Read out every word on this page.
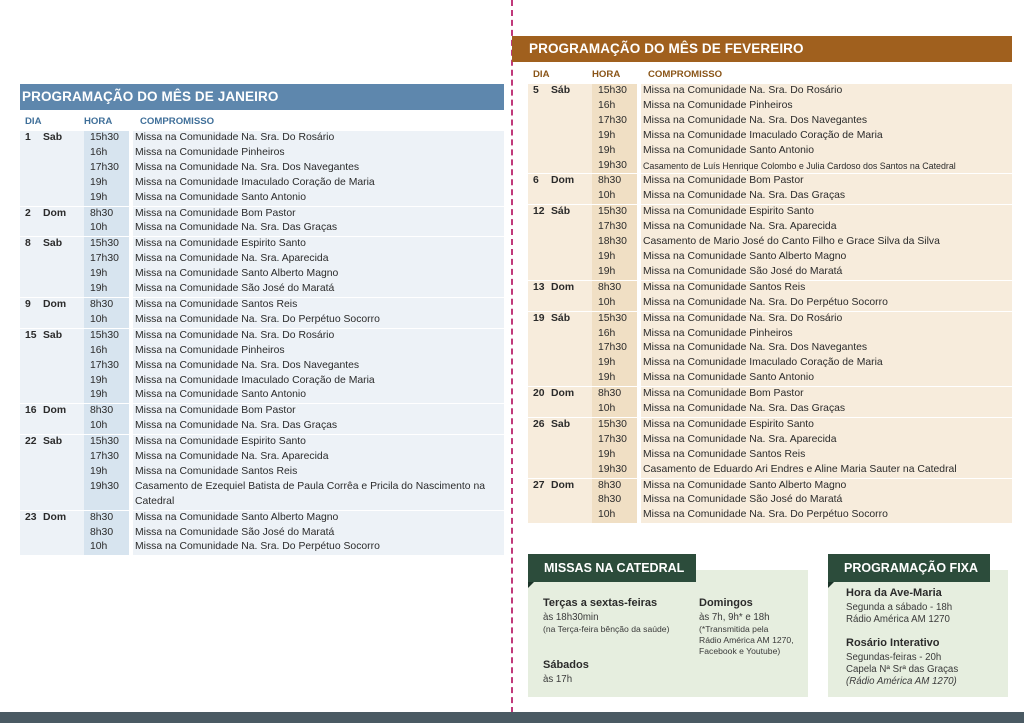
PROGRAMAÇÃO DO MÊS DE JANEIRO
DIA	HORA	COMPROMISSO
1	Sab	15h30	Missa na Comunidade Na. Sra. Do Rosário
16h	Missa na Comunidade Pinheiros
17h30	Missa na Comunidade Na. Sra. Dos Navegantes
19h	Missa na Comunidade Imaculado Coração de Maria
19h	Missa na Comunidade Santo Antonio
2	Dom	8h30	Missa na Comunidade Bom Pastor
10h	Missa na Comunidade Na. Sra. Das Graças
8	Sab	15h30	Missa na Comunidade Espirito Santo
17h30	Missa na Comunidade Na. Sra. Aparecida
19h	Missa na Comunidade Santo Alberto Magno
19h	Missa na Comunidade São José do Maratá
9	Dom	8h30	Missa na Comunidade Santos Reis
10h	Missa na Comunidade Na. Sra. Do Perpétuo Socorro
15 Sab	15h30	Missa na Comunidade Na. Sra. Do Rosário
16h	Missa na Comunidade Pinheiros
17h30	Missa na Comunidade Na. Sra. Dos Navegantes
19h	Missa na Comunidade Imaculado Coração de Maria
19h	Missa na Comunidade Santo Antonio
16 Dom	8h30	Missa na Comunidade Bom Pastor
10h	Missa na Comunidade Na. Sra. Das Graças
22 Sab	15h30	Missa na Comunidade Espirito Santo
17h30	Missa na Comunidade Na. Sra. Aparecida
19h	Missa na Comunidade Santos Reis
19h30	Casamento de Ezequiel Batista de Paula Corrêa e Pricila do Nascimento na Catedral
23 Dom	8h30	Missa na Comunidade Santo Alberto Magno
8h30	Missa na Comunidade São José do Maratá
10h	Missa na Comunidade Na. Sra. Do Perpétuo Socorro
PROGRAMAÇÃO DO MÊS DE FEVEREIRO
DIA	HORA	COMPROMISSO
5	Sáb	15h30	Missa na Comunidade Na. Sra. Do Rosário
16h	Missa na Comunidade Pinheiros
17h30	Missa na Comunidade Na. Sra. Dos Navegantes
19h	Missa na Comunidade Imaculado Coração de Maria
19h	Missa na Comunidade Santo Antonio
19h30	Casamento de Luís Henrique Colombo e Julia Cardoso dos Santos na Catedral
6	Dom	8h30	Missa na Comunidade Bom Pastor
10h	Missa na Comunidade Na. Sra. Das Graças
12 Sáb	15h30	Missa na Comunidade Espirito Santo
17h30	Missa na Comunidade Na. Sra. Aparecida
18h30	Casamento de Mario José do Canto Filho e Grace Silva da Silva
19h	Missa na Comunidade Santo Alberto Magno
19h	Missa na Comunidade São José do Maratá
13 Dom	8h30	Missa na Comunidade Santos Reis
10h	Missa na Comunidade Na. Sra. Do Perpétuo Socorro
19 Sáb	15h30	Missa na Comunidade Na. Sra. Do Rosário
16h	Missa na Comunidade Pinheiros
17h30	Missa na Comunidade Na. Sra. Dos Navegantes
19h	Missa na Comunidade Imaculado Coração de Maria
19h	Missa na Comunidade Santo Antonio
20 Dom	8h30	Missa na Comunidade Bom Pastor
10h	Missa na Comunidade Na. Sra. Das Graças
26 Sab	15h30	Missa na Comunidade Espirito Santo
17h30	Missa na Comunidade Na. Sra. Aparecida
19h	Missa na Comunidade Santos Reis
19h30	Casamento de Eduardo Ari Endres e Aline Maria Sauter na Catedral
27 Dom	8h30	Missa na Comunidade Santo Alberto Magno
8h30	Missa na Comunidade São José do Maratá
10h	Missa na Comunidade Na. Sra. Do Perpétuo Socorro
MISSAS NA CATEDRAL
Terças a sextas-feiras
às 18h30min
(na Terça-feira bênção da saúde)
Domingos
às 7h, 9h* e 18h
(*Transmitida pela
Rádio América AM 1270,
Facebook e Youtube)
Sábados
às 17h
PROGRAMAÇÃO FIXA
Hora da Ave-Maria
Segunda a sábado - 18h
Rádio América AM 1270
Rosário Interativo
Segundas-feiras - 20h
Capela Nª Srª das Graças
(Rádio América AM 1270)
